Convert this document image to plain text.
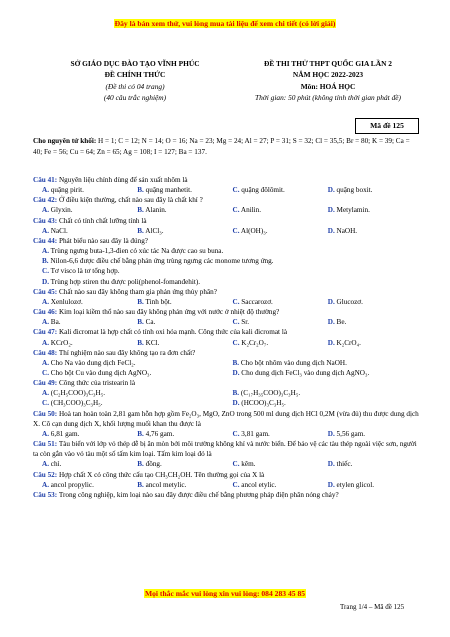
Đây là bản xem thử, vui lòng mua tài liệu để xem chi tiết (có lời giải)
SỞ GIÁO DỤC ĐÀO TẠO VĨNH PHÚC
ĐỀ CHÍNH THỨC
(Đề thi có 04 trang)
(40 câu trắc nghiệm)
ĐỀ THI THỬ THPT QUỐC GIA LẦN 2
NĂM HỌC 2022-2023
Môn: HOÁ HỌC
Thời gian: 50 phút (không tính thời gian phát đề)
Mã đề 125
Cho nguyên tử khối: H = 1; C = 12; N = 14; O = 16; Na = 23; Mg = 24; Al = 27; P = 31; S = 32; Cl = 35,5; Br = 80; K = 39; Ca = 40; Fe = 56; Cu = 64; Zn = 65; Ag = 108; I = 127; Ba = 137.
Câu 41: Nguyên liệu chính dùng để sản xuất nhôm là
A. quặng pirit.	B. quặng manhetit.	C. quặng đôlômit.	D. quặng boxit.
Câu 42: Ở điều kiện thường, chất nào sau đây là chất khí ?
A. Glyxin.	B. Alanin.	C. Anilin.	D. Metylamin.
Câu 43: Chất có tính chất lưỡng tính là
A. NaCl.	B. AlCl₃.	C. Al(OH)₃.	D. NaOH.
Câu 44: Phát biểu nào sau đây là đúng?
A. Trùng ngưng buta-1,3-đien có xúc tác Na được cao su buna.
B. Nilon-6,6 được điều chế bằng phản ứng trùng ngưng các monome tương ứng.
C. Tơ visco là tơ tổng hợp.
D. Trùng hợp stiren thu được poli(phenol-fomanđehit).
Câu 45: Chất nào sau đây không tham gia phản ứng thủy phân?
A. Xenlulozơ.	B. Tinh bột.	C. Saccarozơ.	D. Glucozơ.
Câu 46: Kim loại kiềm thổ nào sau đây không phản ứng với nước ở nhiệt độ thường?
A. Ba.	B. Ca.	C. Sr.	D. Be.
Câu 47: Kali đicromat là hợp chất có tính oxi hóa mạnh. Công thức của kali đicromat là
A. KCrO₂.	B. KCl.	C. K₂Cr₂O₇.	D. K₂CrO₄.
Câu 48: Thí nghiệm nào sau đây không tạo ra đơn chất?
A. Cho Na vào dung dịch FeCl₂.	B. Cho bột nhôm vào dung dịch NaOH.
C. Cho bột Cu vào dung dịch AgNO₃.	D. Cho dung dịch FeCl₃ vào dung dịch AgNO₃.
Câu 49: Công thức của tristearin là
A. (C₂H₅COO)₃C₃H₅.	B. (C₁₇H₃₅COO)₃C₃H₅.
C. (CH₃COO)₃C₃H₅.	D. (HCOO)₃C₃H₅.
Câu 50: Hoà tan hoàn toàn 2,81 gam hỗn hợp gồm Fe₂O₃, MgO, ZnO trong 500 ml dung dịch HCl 0,2M (vừa đủ) thu được dung dịch X. Cô cạn dung dịch X, khối lượng muối khan thu được là
A. 6,81 gam.	B. 4,76 gam.	C. 3,81 gam.	D. 5,56 gam.
Câu 51: Tàu biển với lớp vỏ thép dễ bị ăn mòn bởi môi trường không khí và nước biển. Để bảo vệ các tàu thép ngoài việc sơn, người ta còn gắn vào vỏ tàu một số tấm kim loại. Tấm kim loại đó là
A. chì.	B. đồng.	C. kẽm.	D. thiếc.
Câu 52: Hợp chất X có công thức cấu tạo CH₃CH₂OH. Tên thường gọi của X là
A. ancol propylic.	B. ancol metylic.	C. ancol etylic.	D. etylen glicol.
Câu 53: Trong công nghiệp, kim loại nào sau đây được điều chế bằng phương pháp điện phân nóng chảy?
Mọi thắc mắc vui lòng xin vui lòng: 084 283 45 85
Trang 1/4 – Mã đề 125
